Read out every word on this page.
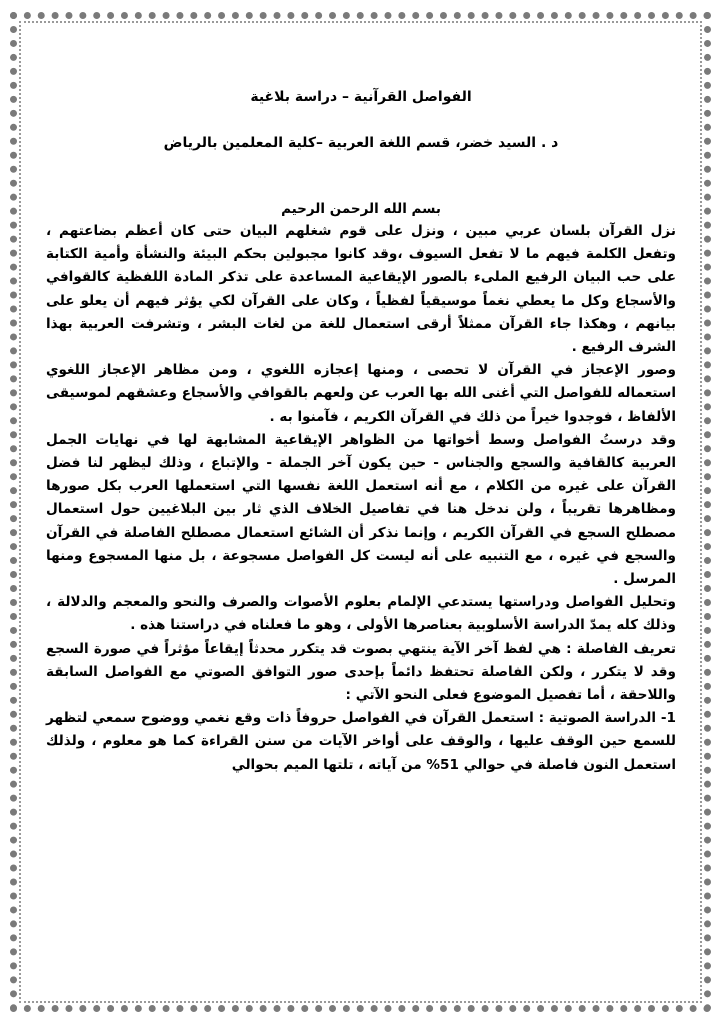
الفواصل القرآنية – دراسة بلاغية

د . السيد خضر، قسم اللغة العربية –كلية المعلمين بالرياض

بسم الله الرحمن الرحيم

نزل القرآن بلسان عربي مبين ، ونزل على قوم شغلهم البيان حتى كان أعظم بضاعتهم ، وتفعل الكلمة فيهم ما لا تفعل السيوف ،وقد كانوا مجبولين بحكم البيئة والنشأة وأمية الكتابة على حب البيان الرفيع الملىء بالصور الإيقاعية المساعدة على تذكر المادة اللفظية كالقوافي والأسجاع وكل ما يعطي نغماً موسيقياً لفظياً ، وكان على القرآن لكي يؤثر فيهم أن يعلو على بيانهم ، وهكذا جاء القرآن ممثلاً أرقى استعمال للغة من لغات البشر ، وتشرفت العربية بهذا الشرف الرفيع .

وصور الإعجاز في القرآن لا تحصى ، ومنها إعجازه اللغوي ، ومن مظاهر الإعجاز اللغوي استعماله للفواصل التي أغنى الله بها العرب عن ولعهم بالقوافي والأسجاع وعشقهم لموسيقى الألفاظ ، فوجدوا خيراً من ذلك في القرآن الكريم ، فآمنوا به .

وقد درستُ الفواصل وسط أخواتها من الظواهر الإيقاعية المشابهة لها في نهايات الجمل العربية كالقافية والسجع والجناس - حين يكون آخر الجملة - والإتباع ، وذلك ليظهر لنا فضل القرآن على غيره من الكلام ، مع أنه استعمل اللغة نفسها التي استعملها العرب بكل صورها ومظاهرها تقريباً ، ولن ندخل هنا في تفاصيل الخلاف الذي ثار بين البلاغيين حول استعمال مصطلح السجع في القرآن الكريم ، وإنما نذكر أن الشائع استعمال مصطلح الفاصلة في القرآن والسجع في غيره ، مع التنبيه على أنه ليست كل الفواصل مسجوعة ، بل منها المسجوع ومنها المرسل .

وتحليل الفواصل ودراستها يستدعي الإلمام بعلوم الأصوات والصرف والنحو والمعجم والدلالة ، وذلك كله يمدّ الدراسة الأسلوبية بعناصرها الأولى ، وهو ما فعلناه في دراستنا هذه .

تعريف الفاصلة : هي لفظ آخر الآية ينتهي بصوت قد يتكرر محدثاً إيقاعاً مؤثراً في صورة السجع وقد لا يتكرر ، ولكن الفاصلة تحتفظ دائماً بإحدى صور التوافق الصوتي مع الفواصل السابقة واللاحقة ، أما تفصيل الموضوع فعلى النحو الآتي :

1- الدراسة الصوتية : استعمل القرآن في الفواصل حروفاً ذات وقع نغمي ووضوح سمعي لتظهر للسمع حين الوقف عليها ، والوقف على أواخر الآيات من سنن القراءة كما هو معلوم ، ولذلك استعمل النون فاصلة في حوالي 51% من آياته ، تلتها الميم بحوالي
